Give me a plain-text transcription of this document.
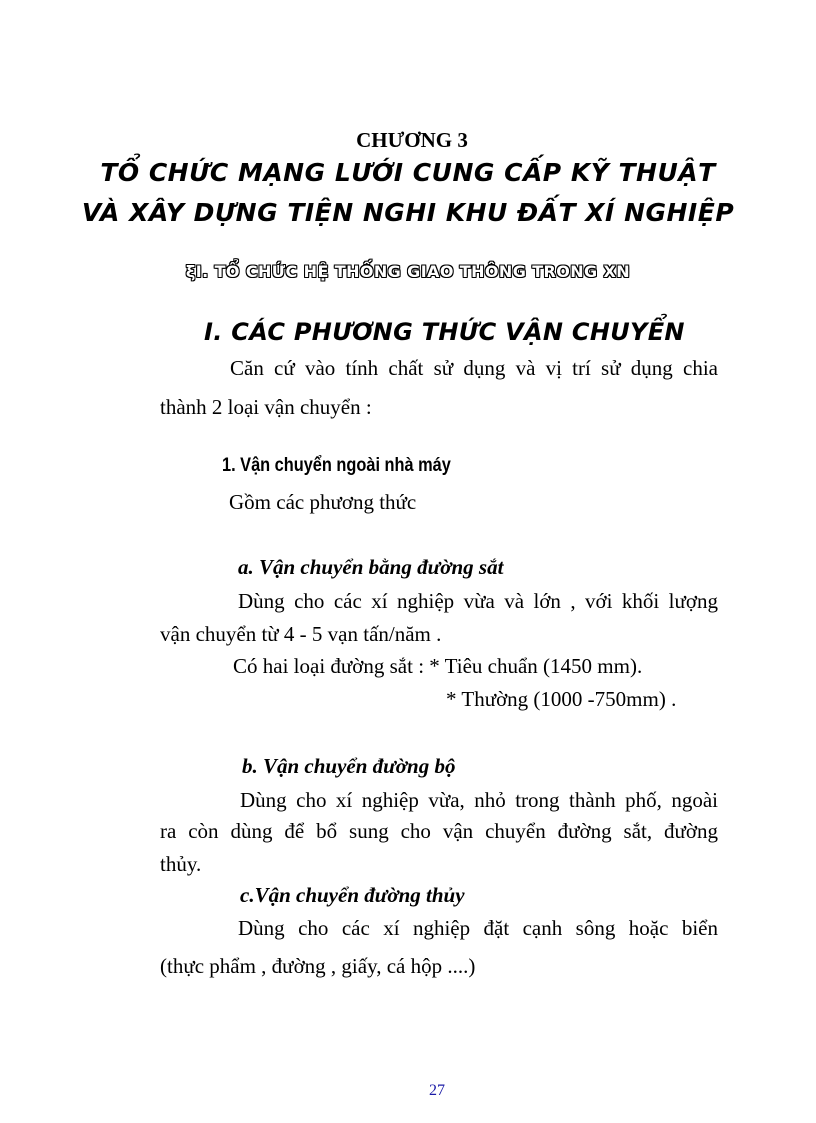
CHƯƠNG 3
TỔ CHỨC MẠNG LƯỚI CUNG CẤP KỸ THUẬT
VÀ XÂY DỰNG TIỆN NGHI KHU ĐẤT XÍ NGHIỆP
ξI. TỔ CHỨC HỆ THỐNG GIAO THÔNG TRONG XN
I. CÁC PHƯƠNG THỨC VẬN CHUYỂN
Căn cứ vào tính chất sử dụng và vị trí sử dụng chia
thành 2 loại vận chuyển :
1. Vận chuyển ngoài nhà máy
Gồm các phương thức
a. Vận chuyển bằng đường sắt
Dùng cho các xí nghiệp vừa và lớn , với khối lượng
vận chuyển từ 4 - 5 vạn tấn/năm .
Có hai loại đường sắt : * Tiêu chuẩn (1450 mm).
* Thường (1000 -750mm) .
b. Vận chuyển đường bộ
Dùng cho xí nghiệp vừa, nhỏ trong thành phố, ngoài
ra còn dùng để bổ sung cho vận chuyển đường sắt, đường
thủy.
c.Vận chuyển đường thủy
Dùng cho các xí nghiệp đặt cạnh sông hoặc biển
(thực phẩm , đường , giấy, cá hộp ....)
27
